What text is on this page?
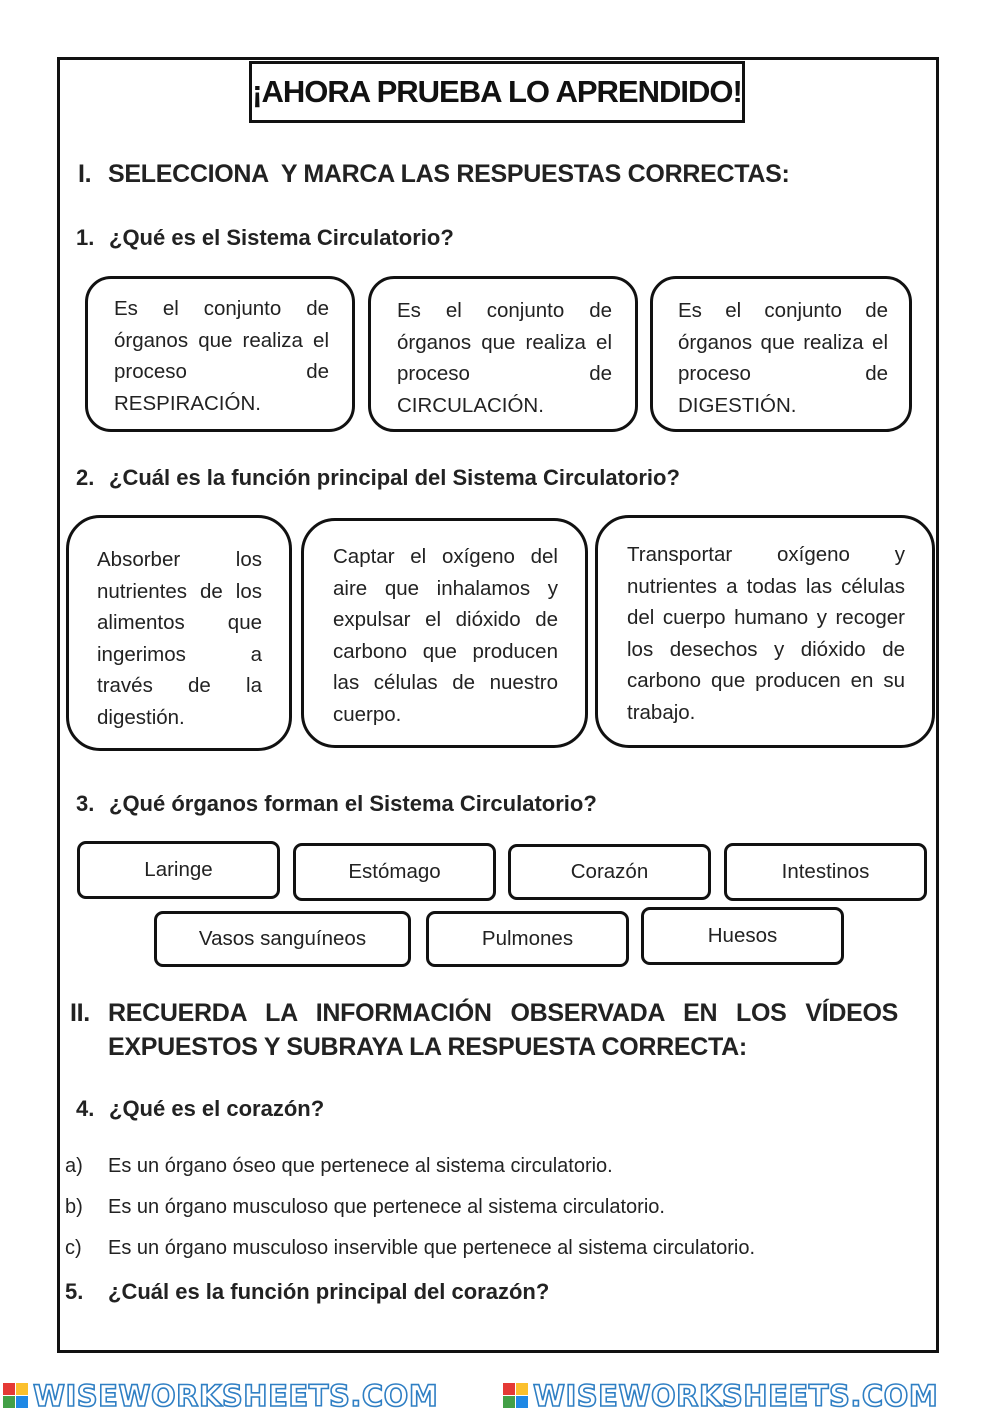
¡AHORA PRUEBA LO APRENDIDO!
I. SELECCIONA  Y MARCA LAS RESPUESTAS CORRECTAS:
1. ¿Qué es el Sistema Circulatorio?
Es el conjunto de órganos que realiza el proceso de RESPIRACIÓN.
Es el conjunto de órganos que realiza el proceso de CIRCULACIÓN.
Es el conjunto de órganos que realiza el proceso de DIGESTIÓN.
2. ¿Cuál es la función principal del Sistema Circulatorio?
Absorber los nutrientes de los alimentos que ingerimos a través de la digestión.
Captar el oxígeno del aire que inhalamos y expulsar el dióxido de carbono que producen las células de nuestro cuerpo.
Transportar oxígeno y nutrientes a todas las células del cuerpo humano y recoger los desechos y dióxido de carbono que producen en su trabajo.
3. ¿Qué órganos forman el Sistema Circulatorio?
Laringe	Estómago	Corazón	Intestinos
Vasos sanguíneos	Pulmones	Huesos
II. RECUERDA LA INFORMACIÓN OBSERVADA EN LOS VÍDEOS
EXPUESTOS Y SUBRAYA LA RESPUESTA CORRECTA:
4. ¿Qué es el corazón?
a) Es un órgano óseo que pertenece al sistema circulatorio.
b) Es un órgano musculoso que pertenece al sistema circulatorio.
c) Es un órgano musculoso inservible que pertenece al sistema circulatorio.
5. ¿Cuál es la función principal del corazón?
WISEWORKSHEETS.COM	WISEWORKSHEETS.COM
